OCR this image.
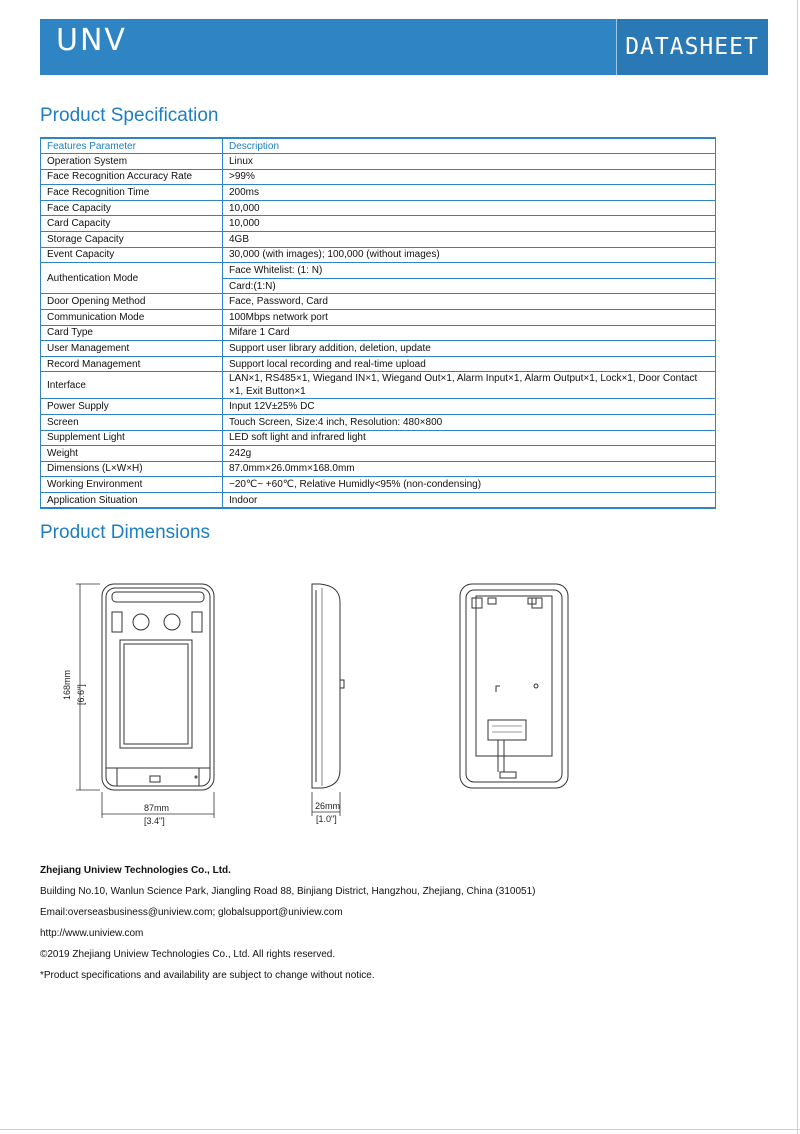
DATASHEET
UNV
Product Specification
Features Parameter	Description
Operation System	Linux
Face Recognition Accuracy Rate	>99%
Face Recognition Time	200ms
Face Capacity	10,000
Card Capacity	10,000
Storage Capacity	4GB
Event Capacity	30,000 (with images); 100,000 (without images)
Authentication Mode	Face Whitelist: (1: N)
	Card:(1:N)
Door Opening Method	Face, Password, Card
Communication Mode	100Mbps network port
Card Type	Mifare 1 Card
User Management	Support user library addition, deletion, update
Record Management	Support local recording and real-time upload
Interface	LAN×1, RS485×1, Wiegand IN×1, Wiegand Out×1, Alarm Input×1, Alarm Output×1, Lock×1, Door Contact ×1, Exit Button×1
Power Supply	Input 12V±25% DC
Screen	Touch Screen, Size:4 inch, Resolution: 480×800
Supplement Light	LED soft light and infrared light
Weight	242g
Dimensions (L×W×H)	87.0mm×26.0mm×168.0mm
Working Environment	−20℃~ +60℃, Relative Humidly<95% (non-condensing)
Application Situation	Indoor
Product Dimensions
168mm [6.6"]
87mm
[3.4"]
26mm
[1.0"]
Zhejiang Uniview Technologies Co., Ltd.
Building No.10, Wanlun Science Park, Jiangling Road 88, Binjiang District, Hangzhou, Zhejiang, China (310051)
Email:overseasbusiness@uniview.com; globalsupport@uniview.com
http://www.uniview.com
©2019 Zhejiang Uniview Technologies Co., Ltd. All rights reserved.
*Product specifications and availability are subject to change without notice.
